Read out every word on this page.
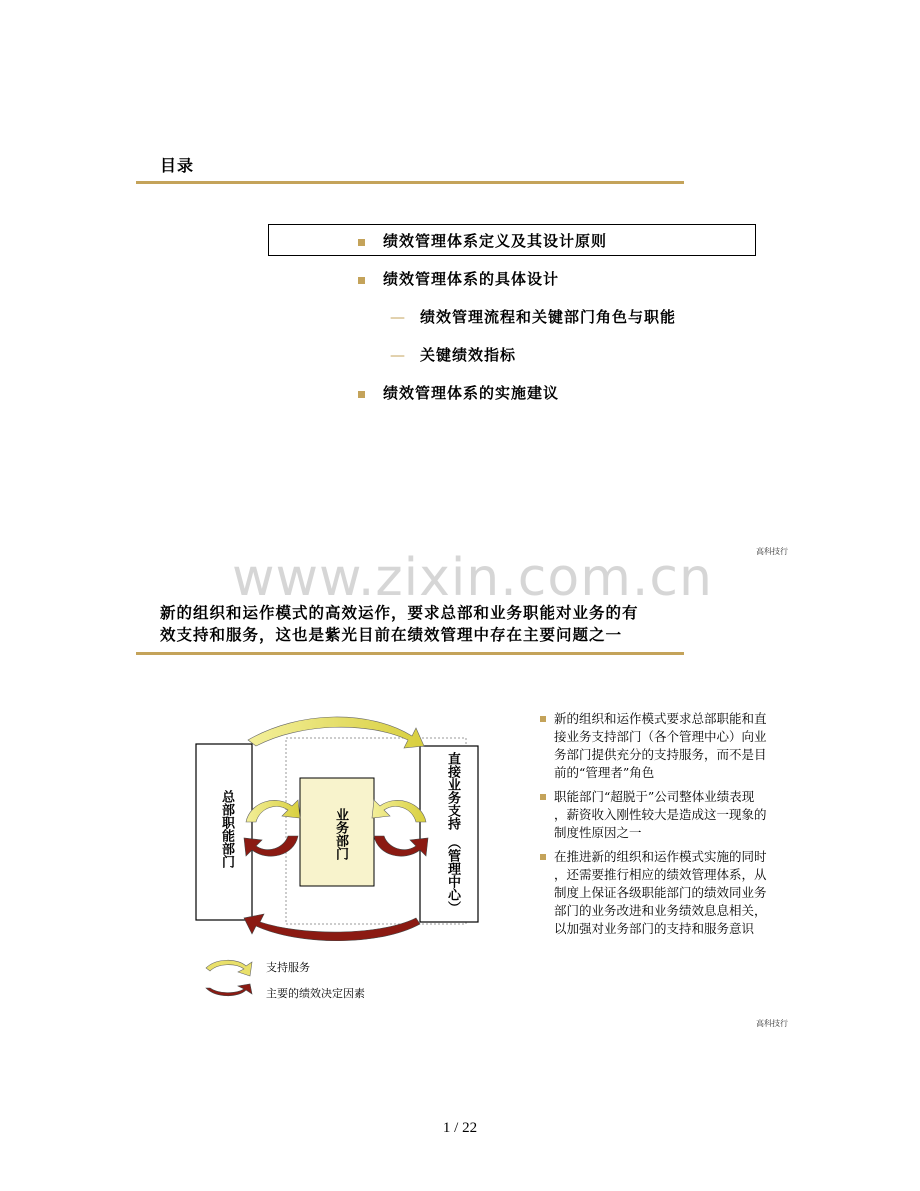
目录
绩效管理体系定义及其设计原则
绩效管理体系的具体设计
— 绩效管理流程和关键部门角色与职能
— 关键绩效指标
绩效管理体系的实施建议
高科技行
www.zixin.com.cn
新的组织和运作模式的高效运作，要求总部和业务职能对业务的有
效支持和服务，这也是紫光目前在绩效管理中存在主要问题之一
总部职能部门	业务部门
直接业务支持
（管理中心）
支持服务
主要的绩效决定因素
新的组织和运作模式要求总部职能和直
接业务支持部门（各个管理中心）向业
务部门提供充分的支持服务，而不是目
前的“管理者”角色
职能部门“超脱于”公司整体业绩表现
，薪资收入刚性较大是造成这一现象的
制度性原因之一
在推进新的组织和运作模式实施的同时
，还需要推行相应的绩效管理体系，从
制度上保证各级职能部门的绩效同业务
部门的业务改进和业务绩效息息相关，
以加强对业务部门的支持和服务意识
高科技行
1 / 22
